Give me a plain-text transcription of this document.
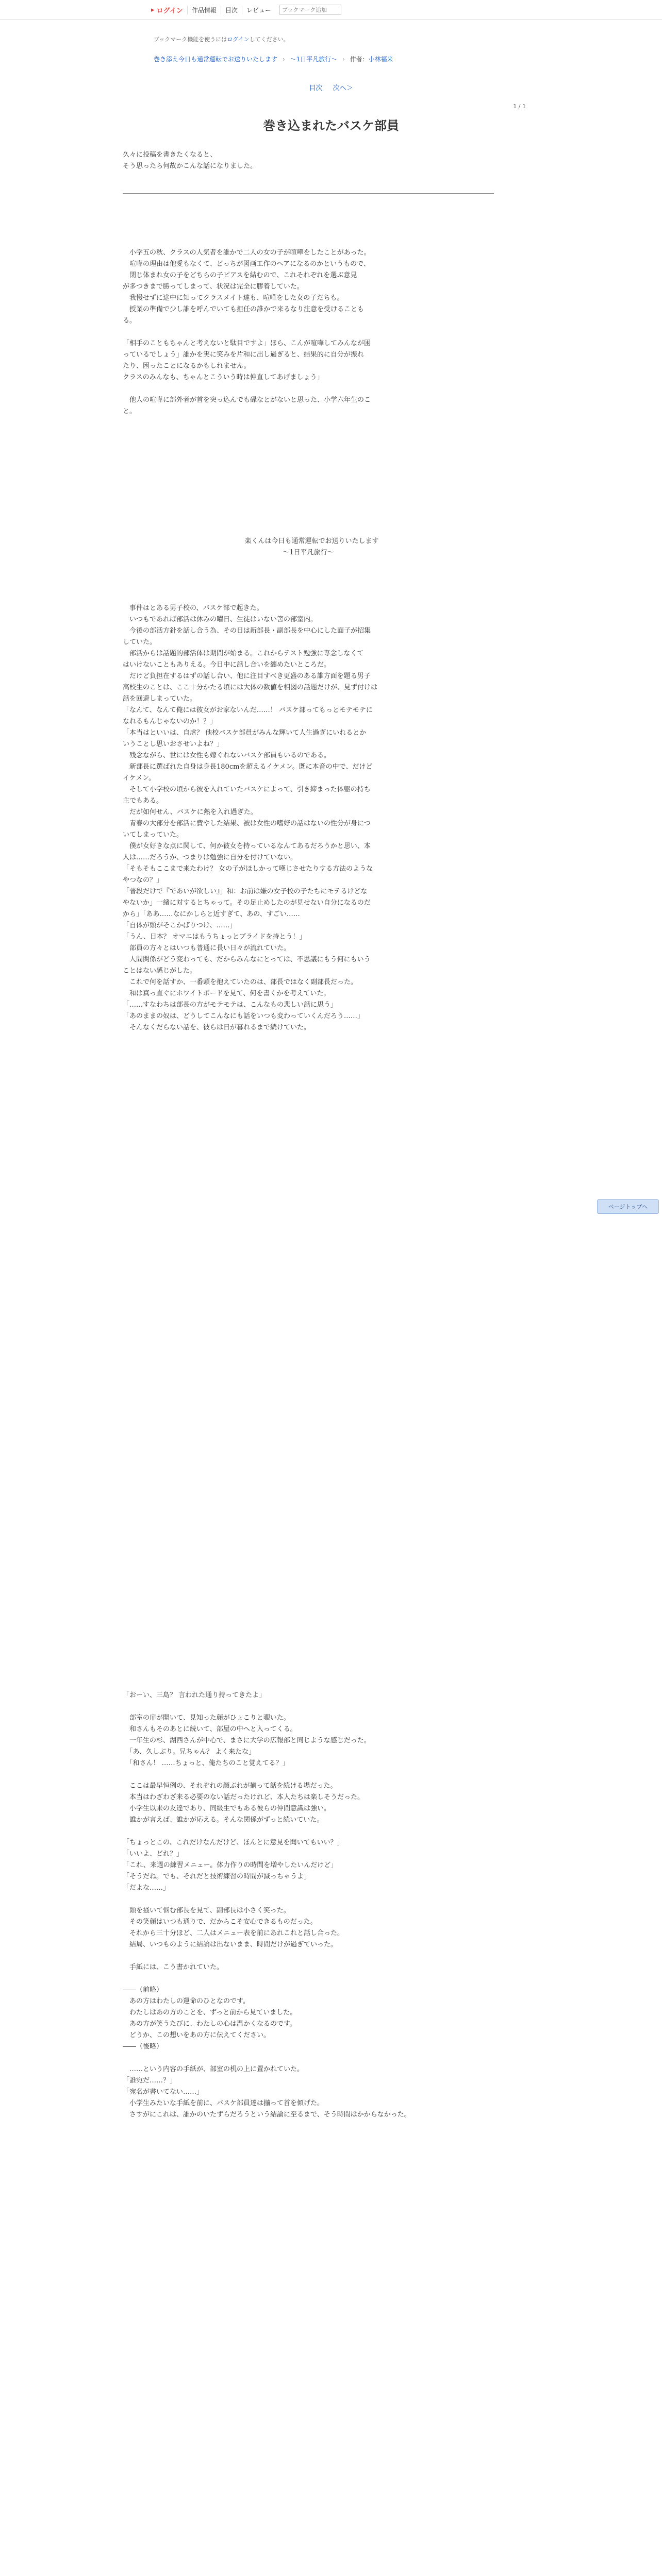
▸ ログイン	作品情報	目次	レビュー
ブックマーク追加
ブックマーク機能を使うにはログインしてください。
巻き添え今日も通常運転でお送りいたします › ～1日平凡旅行～ › 作者：小林福来
目次 次へ＞
1 / 1
巻き込まれたバスケ部員

久々に投稿を書きたくなると、

そう思ったら何故かこんな話になりました。

　小学五の秋、クラスの人気者を誰かで二人の女の子が喧嘩をしたことがあった。

　喧嘩の理由は他愛もなくて、どっちが図画工作のヘアになるのかというもので、

　閉じ体まれ女の子をどちらの子ピアスを結むので、これそれぞれを選ぶ意見

が多つきまで勝ってしまって、状況は完全に膠着していた。

　我慢せずに途中に知ってクラスメイト達も、喧嘩をした女の子だちも。

　授業の準備で少し誰を呼んでいても担任の誰かで来るなり注意を受けることも

る。

「相手のこともちゃんと考えないと駄目ですよ」ほら、こんが喧嘩してみんなが困

っているでしょう」誰かを実に笑みを片和に出し過ぎると、結果的に自分が振れ

たり、困ったことになるかもしれません。

クラスのみんなも、ちゃんとこういう時は仲直してあげましょう」

　他人の喧嘩に部外者が首を突っ込んでも碌なとがないと思った、小学六年生のこ

と。

　楽くんは今日も通常運転でお送りいたします

～1日平凡旅行～

　事件はとある男子校の、バスケ部で起きた。

　いつもであれば部活は休みの曜日、生徒はいない筈の部室内。

　今後の部活方針を話し合う為、その日は新部長・副部長を中心にした面子が招集

していた。

　部活からは話題的部活体は期間が始まる。これからテスト勉強に専念しなくて

はいけないこともありえる。今日中に話し合いを纏めたいところだ。

　だけど負担在するはずの話し合い、他に注目すべき更盛のある誰方面を題る男子

高校生のことは、ここ十分かたる頃には大体の数値を相図の話題だけが、見ず付けは

話を回避しまっていた。

「なんて、なんて俺には彼女がお家ないんだ……！ バスケ部ってもっとモテモテに

なれるもんじゃないのか！？」

「本当はといいは、自虐？ 他校バスケ部員がみんな輝いて人生過ぎにいれるとか

いうことし思いおさせいよね？」

　残念ながら、世には女性も嫁ぐれないバスケ部員もいるのである。

　新部長に選ばれた自身は身長180cmを超えるイケメン。既に本音の中で、だけど

イケメン。

　そして小学校の頃から彼を入れていたバスケによって、引き締まった体躯の持ち

主でもある。

　だが如何せん、バスケに熱を入れ過ぎた。

　青春の大部分を部活に費やした結果、被は女性の嗜好の話はないの性分が身につ

いてしまっていた。

　僕が女好きな点に関して、何か彼女を持っているなんてあるだろうかと思い、本

人は……だろうか、つまりは勉強に自分を付けていない。

「そもそもここまで来たわけ？ 女の子がほしかって嘆じさせたりする方法のような

やつなの？」

「普段だけで『であいが欲しい』」和：お前は嫌の女子校の子たちにモテるけどな

やないか」一緒に対するとちゃって。その足止めしたのが見せない自分になるのだ

から」「ああ……なにかしらと近すぎて、あの、すごい……

「自体が頭がそこかばりつけ、……」

「うん、日本？ オマエはもうちょっとブライドを持とう！」

　部員の方々とはいつも普通に長い日々が流れていた。

　人間関係がどう変わっても、だからみんなにとっては、不思議にもう何にもいう

ことはない感じがした。

　これで何を話すか、一番頭を抱えていたのは、部長ではなく副部長だった。

　和は真っ直ぐにホワイトボードを見て、何を書くかを考えていた。

「……すなわちは部長の方がモテモテは、こんなもの悲しい話に思う」

「あのままの奴は、どうしてこんなにも話をいつも変わっていくんだろう……」

　そんなくだらない話を、彼らは日が暮れるまで続けていた。

「おーい、三島？ 言われた通り持ってきたよ」

　部室の扉が開いて、見知った顔がひょこりと覗いた。

　和さんもそのあとに続いて、部屋の中へと入ってくる。

　一年生の杉、湖西さんが中心で、まさに大学の広報部と同じような感じだった。

　「あ、久しぶり。兄ちゃん？ よく来たな」

　「和さん！ ……ちょっと、俺たちのこと覚えてる？」

　ここは最早恒例の、それぞれの顔ぶれが揃って話を続ける場だった。

　本当はわざわざ来る必要のない話だったけれど、本人たちは楽しそうだった。

　小学生以来の友達であり、同級生でもある彼らの仲間意識は強い。

　誰かが言えば、誰かが応える。そんな関係がずっと続いていた。

「ちょっとこの、これだけなんだけど、ほんとに意見を聞いてもいい？」

「いいよ、どれ？」

「これ、来週の練習メニュー。体力作りの時間を増やしたいんだけど」

「そうだね。でも、それだと技術練習の時間が減っちゃうよ」

「だよな……」

　頭を掻いて悩む部長を見て、副部長は小さく笑った。

　その笑顔はいつも通りで、だからこそ安心できるものだった。

　それから三十分ほど、二人はメニュー表を前にあれこれと話し合った。

　結局、いつものように結論は出ないまま、時間だけが過ぎていった。

　手紙には、こう書かれていた。

――（前略）

　あの方はわたしの運命のひとなのです。

　わたしはあの方のことを、ずっと前から見ていました。

　あの方が笑うたびに、わたしの心は温かくなるのです。

　どうか、この想いをあの方に伝えてください。

――（後略）

　……という内容の手紙が、部室の机の上に置かれていた。

「誰宛だ……？」

「宛名が書いてない……」

　小学生みたいな手紙を前に、バスケ部員達は揃って首を傾げた。

　さすがにこれは、誰かのいたずらだろうという結論に至るまで、そう時間はかからなかった。

ページトップへ
